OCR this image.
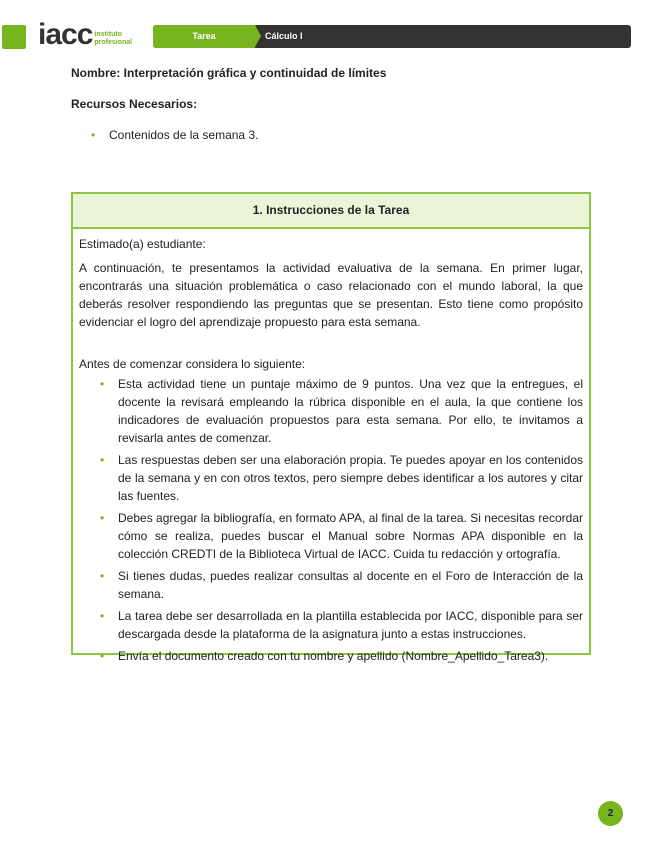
iacc instituto
profesional
Tarea	Cálculo I
Nombre: Interpretación gráfica y continuidad de límites
Recursos Necesarios:
• Contenidos de la semana 3.
1. Instrucciones de la Tarea

Estimado(a) estudiante:

A continuación, te presentamos la actividad evaluativa de la semana. En primer lugar, encontrarás una situación problemática o caso relacionado con el mundo laboral, la que deberás resolver respondiendo las preguntas que se presentan. Esto tiene como propósito evidenciar el logro del aprendizaje propuesto para esta semana.

Antes de comenzar considera lo siguiente:

• Esta actividad tiene un puntaje máximo de 9 puntos. Una vez que la entregues, el docente la revisará empleando la rúbrica disponible en el aula, la que contiene los indicadores de evaluación propuestos para esta semana. Por ello, te invitamos a revisarla antes de comenzar.
• Las respuestas deben ser una elaboración propia. Te puedes apoyar en los contenidos de la semana y en con otros textos, pero siempre debes identificar a los autores y citar las fuentes.
• Debes agregar la bibliografía, en formato APA, al final de la tarea. Si necesitas recordar cómo se realiza, puedes buscar el Manual sobre Normas APA disponible en la colección CREDTI de la Biblioteca Virtual de IACC. Cuida tu redacción y ortografía.
• Si tienes dudas, puedes realizar consultas al docente en el Foro de Interacción de la semana.
• La tarea debe ser desarrollada en la plantilla establecida por IACC, disponible para ser descargada desde la plataforma de la asignatura junto a estas instrucciones.
• Envía el documento creado con tu nombre y apellido (Nombre_Apellido_Tarea3).
2
